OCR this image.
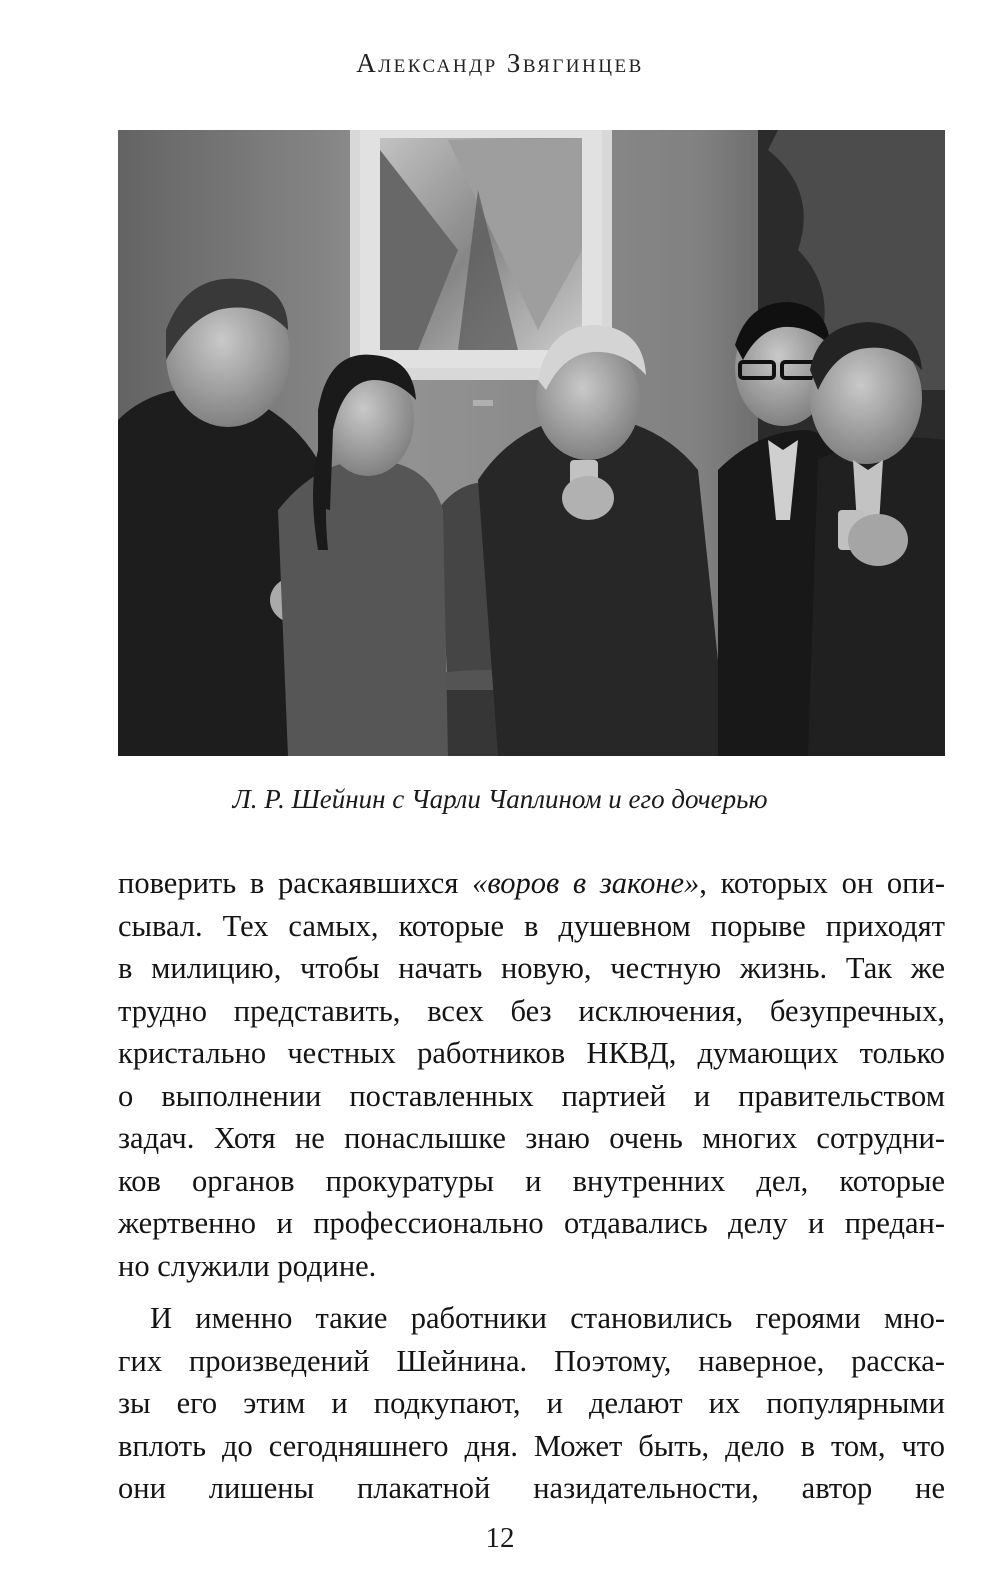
Александр Звягинцев
Л. Р. Шейнин с Чарли Чаплином и его дочерью
поверить в раскаявшихся «воров в законе», которых он опи-
сывал. Тех самых, которые в душевном порыве приходят
в милицию, чтобы начать новую, честную жизнь. Так же
трудно представить, всех без исключения, безупречных,
кристально честных работников НКВД, думающих только
о выполнении поставленных партией и правительством
задач. Хотя не понаслышке знаю очень многих сотрудни-
ков органов прокуратуры и внутренних дел, которые
жертвенно и профессионально отдавались делу и предан-
но служили родине.
И именно такие работники становились героями мно-
гих произведений Шейнина. Поэтому, наверное, расска-
зы его этим и подкупают, и делают их популярными
вплоть до сегодняшнего дня. Может быть, дело в том, что
они лишены плакатной назидательности, автор не
12
